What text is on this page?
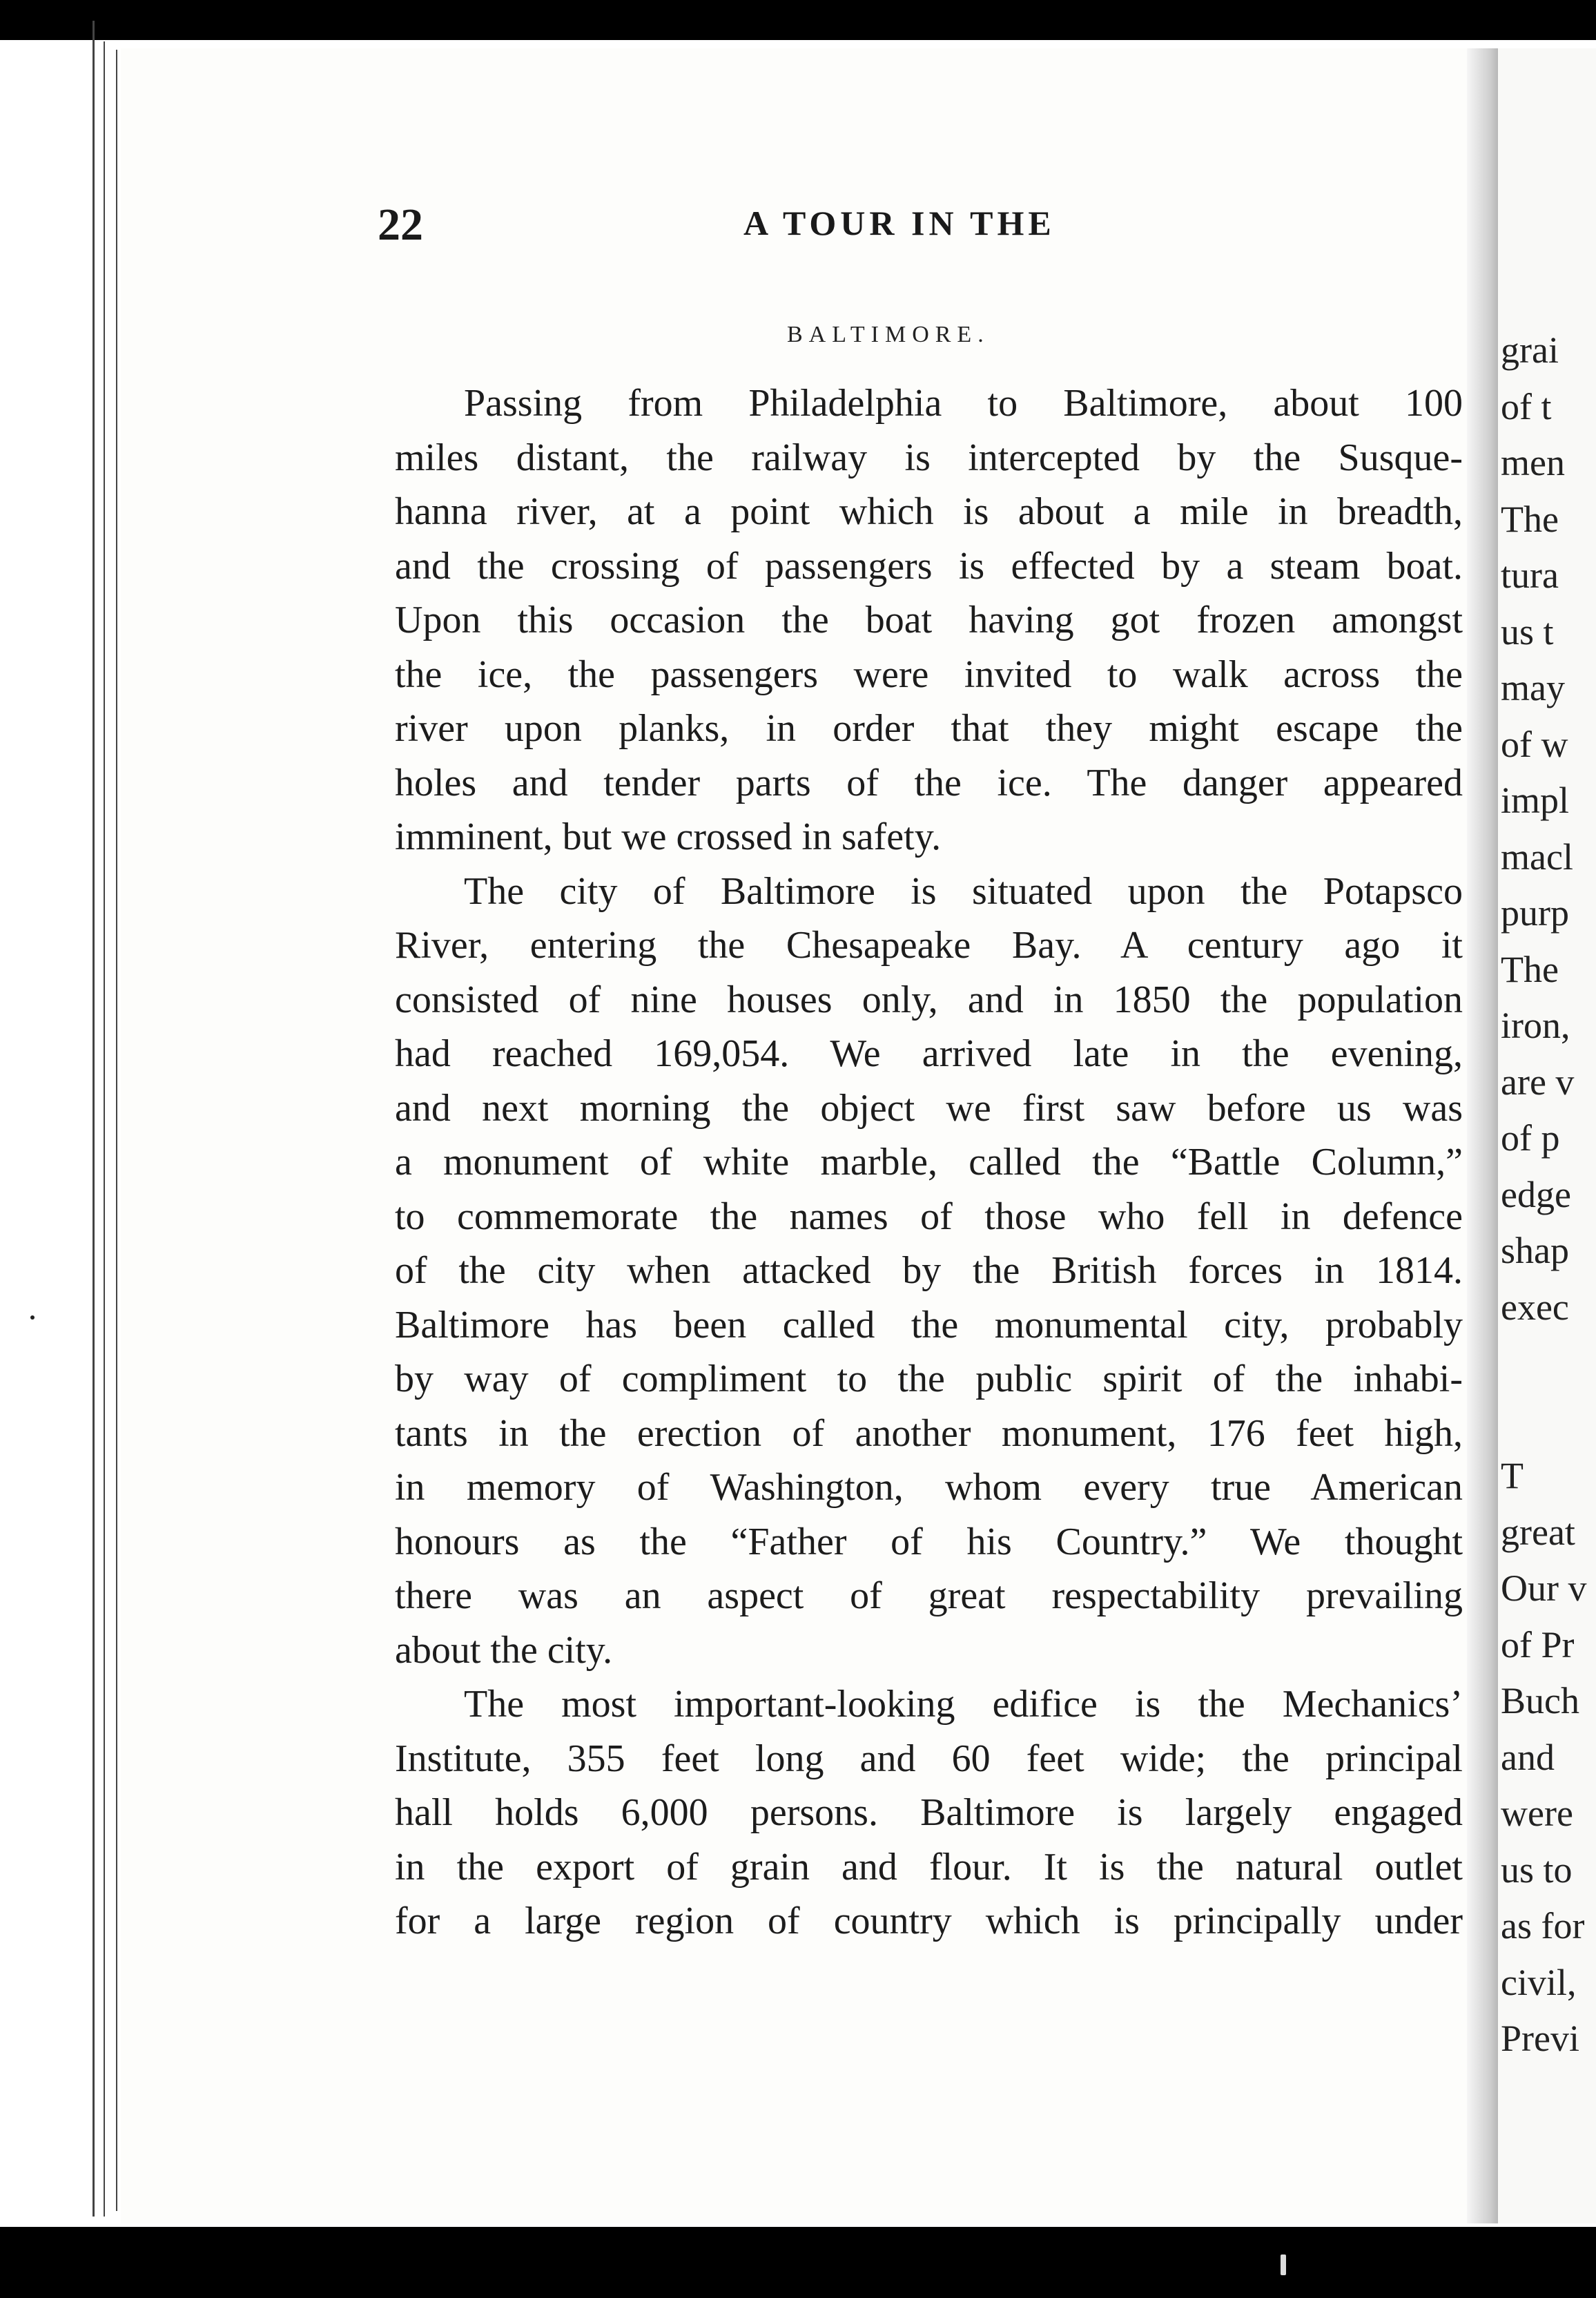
22	A TOUR IN THE
BALTIMORE.
Passing from Philadelphia to Baltimore, about 100
miles distant, the railway is intercepted by the Susque-
hanna river, at a point which is about a mile in breadth,
and the crossing of passengers is effected by a steam boat.
Upon this occasion the boat having got frozen amongst
the ice, the passengers were invited to walk across the
river upon planks, in order that they might escape the
holes and tender parts of the ice. The danger appeared
imminent, but we crossed in safety.
The city of Baltimore is situated upon the Potapsco
River, entering the Chesapeake Bay. A century ago it
consisted of nine houses only, and in 1850 the population
had reached 169,054. We arrived late in the evening,
and next morning the object we first saw before us was
a monument of white marble, called the “Battle Column,”
to commemorate the names of those who fell in defence
of the city when attacked by the British forces in 1814.
Baltimore has been called the monumental city, probably
by way of compliment to the public spirit of the inhabi-
tants in the erection of another monument, 176 feet high,
in memory of Washington, whom every true American
honours as the “Father of his Country.” We thought
there was an aspect of great respectability prevailing
about the city.
The most important-looking edifice is the Mechanics’
Institute, 355 feet long and 60 feet wide; the principal
hall holds 6,000 persons. Baltimore is largely engaged
in the export of grain and flour. It is the natural outlet
for a large region of country which is principally under
grai
of t
men
The
tura
us t
may
of w
impl
macl
purp
The
iron,
are v
of p
edge
shap
exec
T
great
Our v
of Pr
Buch
and
were
us to
as for
civil,
Previ
